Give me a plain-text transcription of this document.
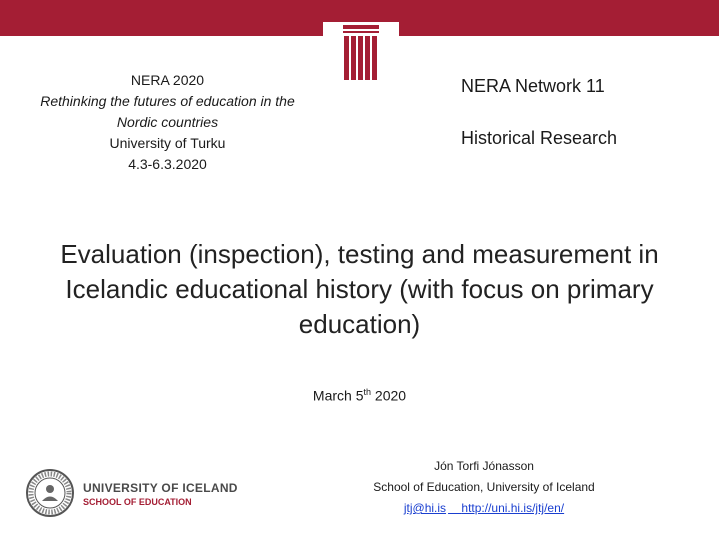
NERA 2020
Rethinking the futures of education in the
Nordic countries
University of Turku
4.3-6.3.2020
NERA Network 11
Historical Research
Evaluation (inspection), testing and measurement in
Icelandic educational history (with focus on primary
education)
March 5th 2020
Jón Torfi Jónasson
School of Education, University of Iceland
jtj@hi.is http://uni.hi.is/jtj/en/
UNIVERSITY OF ICELAND
SCHOOL OF EDUCATION
